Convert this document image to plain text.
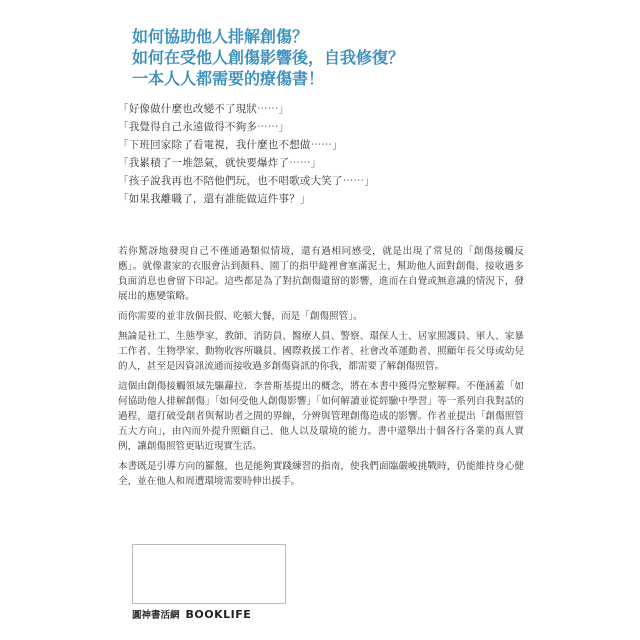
如何協助他人排解創傷？
如何在受他人創傷影響後，自我修復？
一本人人都需要的療傷書！
「好像做什麼也改變不了現狀⋯⋯」
「我覺得自己永遠做得不夠多⋯⋯」
「下班回家除了看電視，我什麼也不想做⋯⋯」
「我累積了一堆怨氣，就快要爆炸了⋯⋯」
「孩子說我再也不陪他們玩，也不唱歌或大笑了⋯⋯」
「如果我離職了，還有誰能做這件事？」

若你驚訝地發現自己不僅通過類似情境，還有過相同感受，就是出現了常見的「創傷接觸反應」。就像畫家的衣服會沾到顏料、園丁的指甲縫裡會塞滿泥土，幫助他人面對創傷、接收過多負面消息也會留下印記。這些都是為了對抗創傷遺留的影響，進而在自覺或無意識的情況下，發展出的應變策略。

而你需要的並非放個長假、吃頓大餐，而是「創傷照管」。

無論是社工、生態學家、教師、消防員、醫療人員、警察、環保人士、居家照護員、軍人、家暴工作者、生物學家、動物收容所職員、國際救援工作者、社會改革運動者、照顧年長父母或幼兒的人，甚至是因資訊流通而接收過多創傷資訊的你我，都需要了解創傷照管。

這個由創傷接觸領域先驅蘿拉．李普斯基提出的概念，將在本書中獲得完整解釋。不僅涵蓋「如何協助他人排解創傷」「如何受他人創傷影響」「如何解讀並從經驗中學習」等一系列自我對話的過程，還打破受創者與幫助者之間的界線，分辨與管理創傷造成的影響。作者並提出「創傷照管五大方向」，由內而外提升照顧自己、他人以及環境的能力。書中還舉出十個各行各業的真人實例，讓創傷照管更貼近現實生活。

本書既是引導方向的羅盤，也是能夠實踐練習的指南，使我們面臨嚴峻挑戰時，仍能維持身心健全，並在他人和周遭環境需要時伸出援手。

圓神書活網 BOOKLIFE
